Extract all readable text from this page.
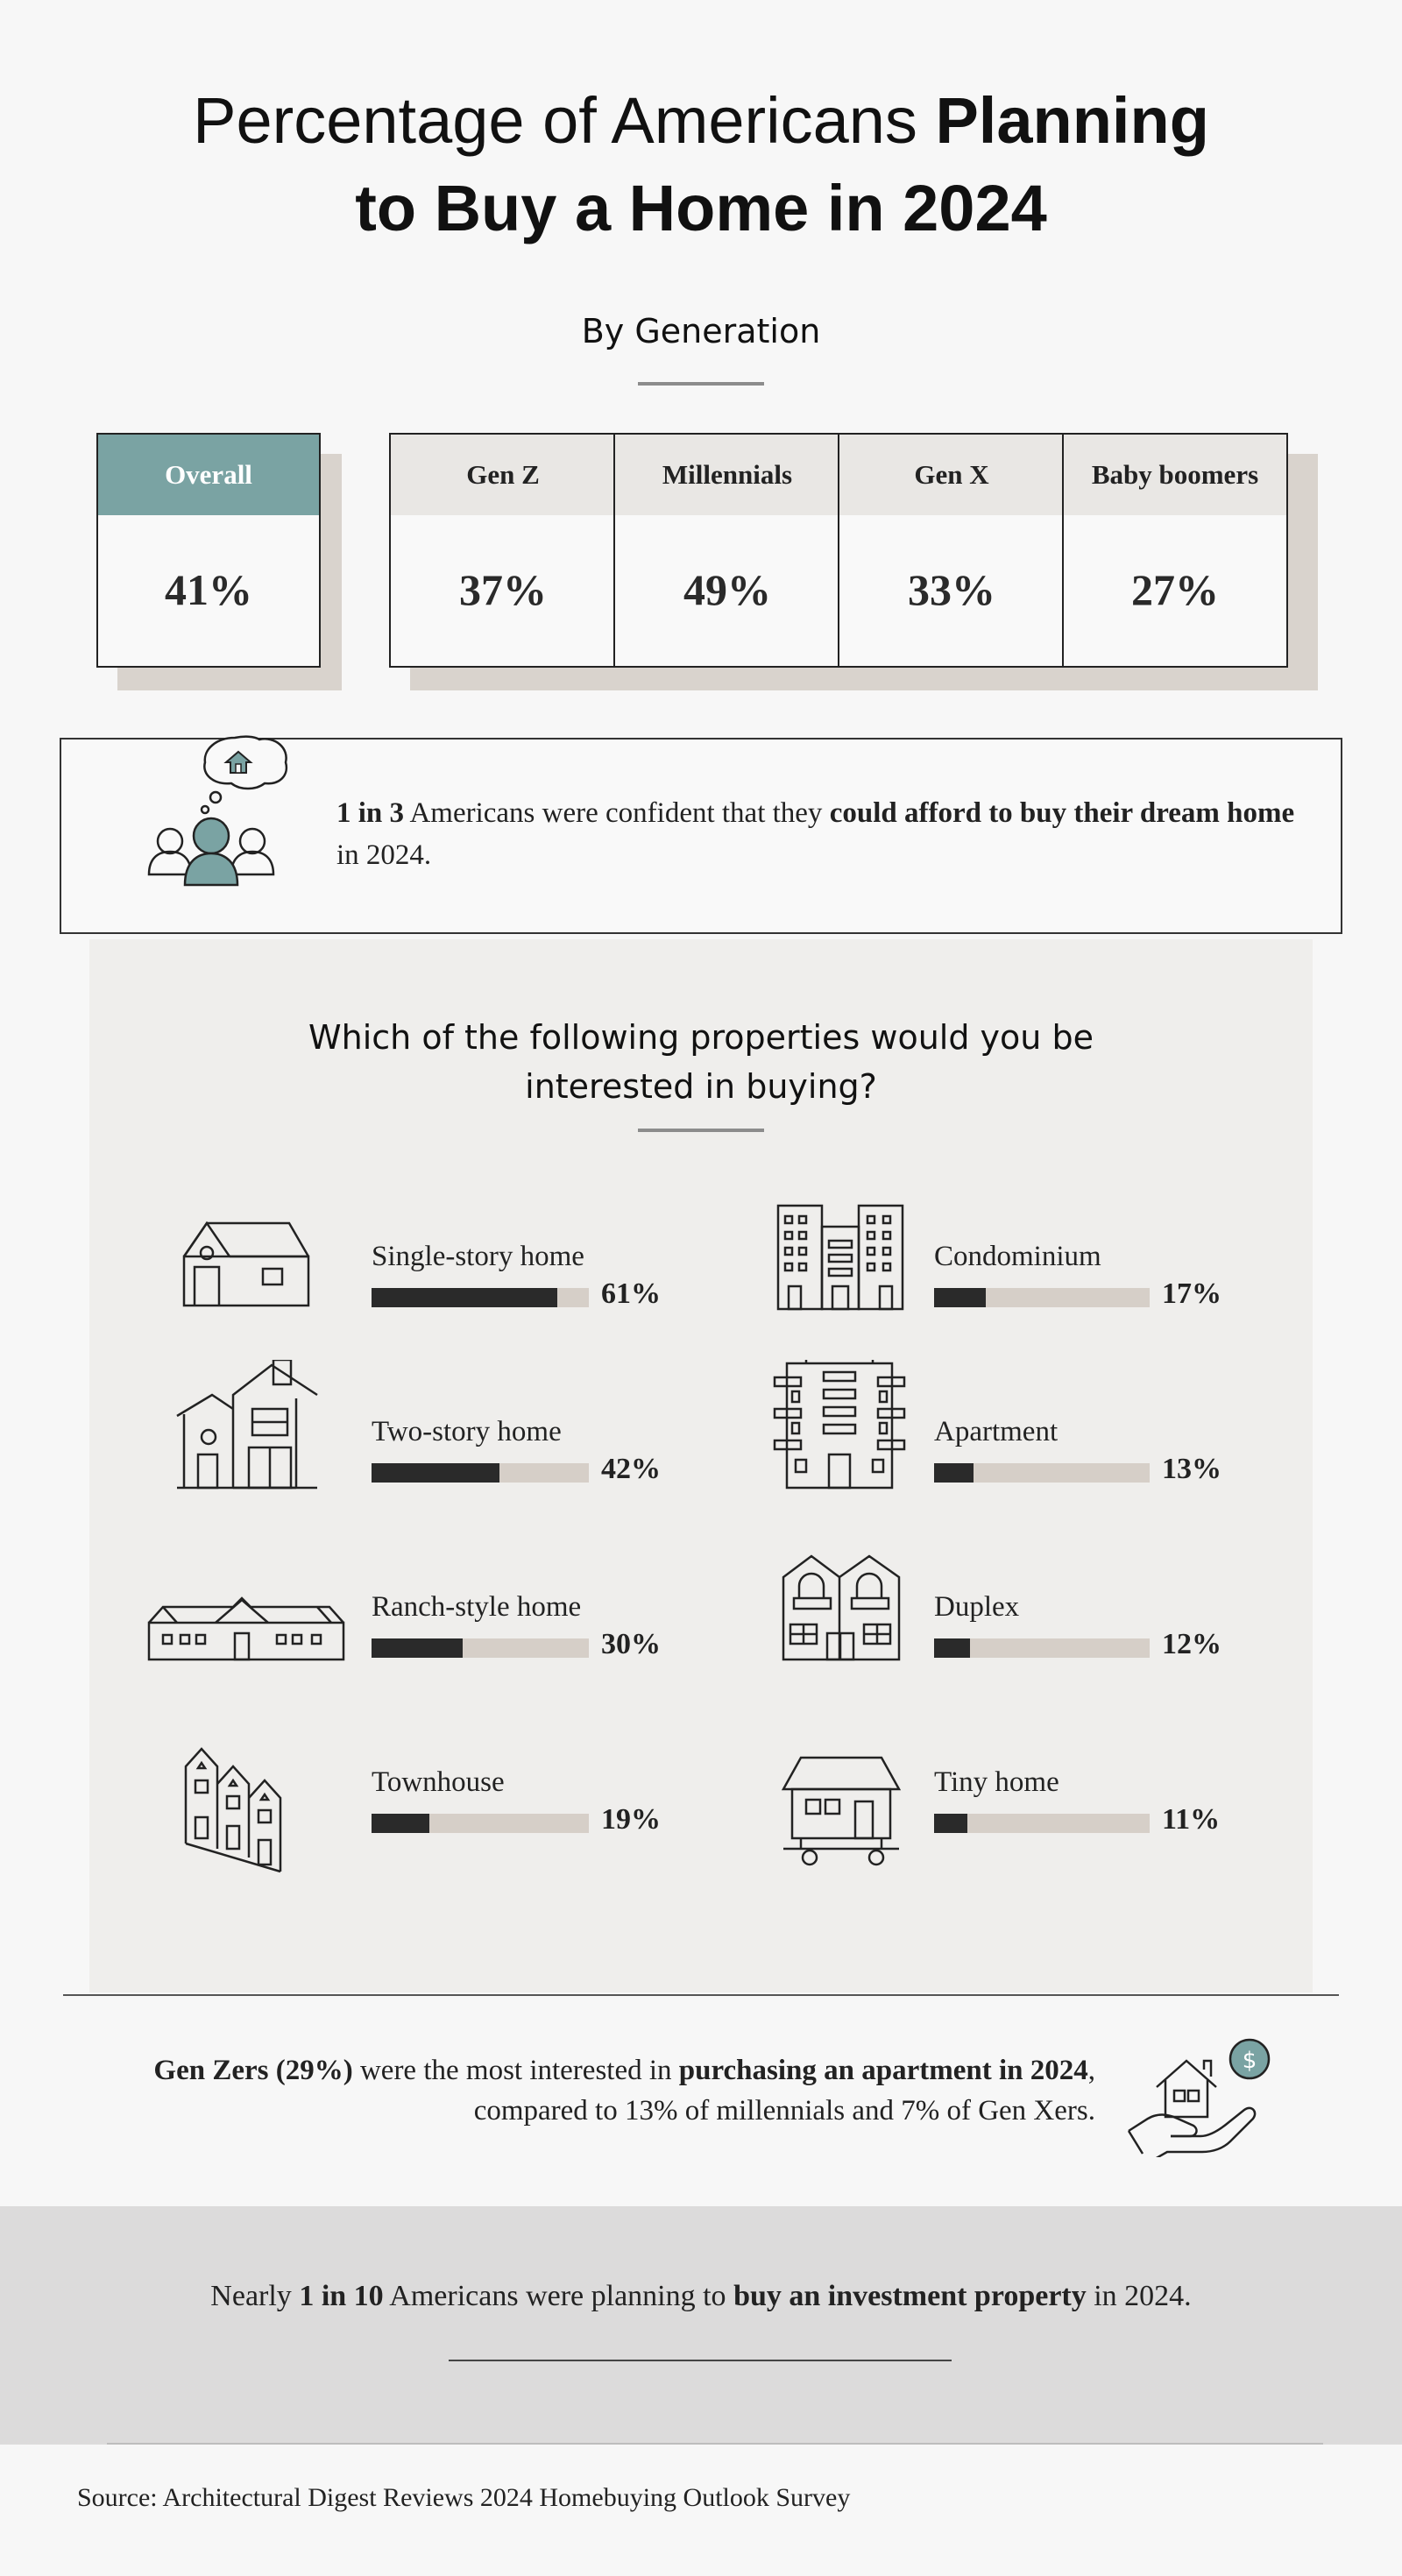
Percentage of Americans Planning
to Buy a Home in 2024
By Generation
Overall
41%
Gen Z
37%
Millennials
49%
Gen X
33%
Baby boomers
27%
1 in 3 Americans were confident that they could afford to buy their dream home in 2024.
Which of the following properties would you be
interested in buying?
Single-story home
61%
Two-story home
42%
Ranch-style home
30%
Townhouse
19%
Condominium
17%
Apartment
13%
Duplex
12%
Tiny home
11%
Gen Zers (29%) were the most interested in purchasing an apartment in 2024, compared to 13% of millennials and 7% of Gen Xers.
$
Nearly 1 in 10 Americans were planning to buy an investment property in 2024.
Source: Architectural Digest Reviews 2024 Homebuying Outlook Survey
